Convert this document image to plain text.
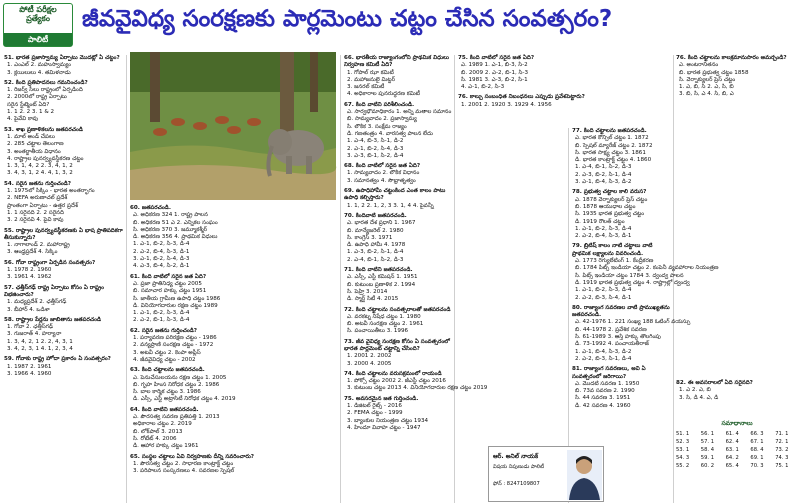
పోటీ పరీక్షల ప్రత్యేకం
పాలిటీ
జీవవైవిధ్య సంరక్షణకు పార్లమెంటు చట్టం చేసిన సంవత్సరం?
51. భారత ప్రజాస్వామ్య ఏర్పాటు మొదట్లో ఏ చట్టం?
1. ఎంఎల్ 2. మహుస్వామ్యం
3. క్లయిలులు 4. తమిళనాడు
52. కింది ప్రతిపాదనలు గమనించండి?
1. రిజర్వ్ సీలు రాష్ట్రంలో ఏర్పడింది
2. 2000లో రాష్ట్ర ఏర్పాటు
సరైన స్టేట్మెంట్ ఏది?
1. 1 2. 2 3. 1 & 2
4. పైవేవి కావు
53. శాఖ ప్రణాళికలను జతపరచండి
1. మాల్ అండ్ చేపలు
2. 285 చట్టాల తెలంగాణ
3. అంతర్జాతీయ విధానం
4. రాష్ట్రాల పునర్వ్యవస్థీకరణ చట్టం
1. 3, 1, 4, 2 2. 3, 4, 1, 2
3. 4, 3, 1, 2 4. 4, 1, 3, 2
54. సరైన జతను గుర్తించండి?
1. 1975లో సిక్కిం - భారత అంతర్భాగం
2. NEFA అరుణాచల్ ప్రదేశ్
ప్రాంతంగా ఏర్పాటు - ఉత్తర ప్రదేశ్
1. 1 సరైనది 2. 2 సరైనది
3. 2 సరైనవి 4. పైవి కావు
55. రాష్ట్రాల పునర్వ్యవస్థీకరణకు ఏ భాష ప్రాతిపదికగా తీసుకున్నారు?
1. నాగాలాండ్ 2. మహారాష్ట్ర
3. ఆంధ్రప్రదేశ్ 4. సిక్కిం
56. గోవా రాష్ట్రంగా ఏర్పడిన సంవత్సరం?
1. 1978 2. 1960
3. 1961 4. 1962
57. ఛత్తీస్‌గఢ్ రాష్ట్ర ఏర్పాటు కోసం ఏ రాష్ట్రం విభజించారు?
1. మధ్యప్రదేశ్ 2. ఛత్తీస్‌గఢ్
3. బీహార్ 4. ఒడిశా
58. రాష్ట్రాల పేర్లను జాబితాను జతపరచండి
1. గోవా 2. ఛత్తీస్‌గఢ్
3. గుజరాత్ 4. హర్యానా
1. 3, 4, 2, 1 2. 2, 4, 3, 1
3. 4, 2, 3, 1 4. 1, 2, 3, 4
59. గోవాకు రాష్ట్ర హోదా ప్రకారం ఏ సంవత్సరం?
1. 1987 2. 1961
3. 1966 4. 1960
60. జతపరచండి.
ఎ. అధికరణ 324 1. రాష్ట్ర పాలన
బి. అధికరణ 51 ఎ 2. ఎన్నికల సంఘం
సి. అధికరణ 370 3. జమ్మూకశ్మీర్
డి. అధికరణ 356 4. ప్రాథమిక విధులు
1. ఎ-1, బి-2, సి-3, డి-4
2. ఎ-2, బి-4, సి-3, డి-1
3. ఎ-1, బి-2, సి-4, డి-3
4. ఎ-3, బి-4, సి-2, డి-1
61. కింది వాటిలో సరైన జత ఏది?
ఎ. ప్రజా ప్రాతినిధ్య చట్టం 2005
బి. సమాచార హక్కు చట్టం 1951
సి. జాతీయ గ్రామీణ ఉపాధి చట్టం 1986
డి. వినియోగదారుల రక్షణ చట్టం 1989
1. ఎ-1, బి-2, సి-3, డి-4
2. ఎ-2, బి-1, సి-3, డి-4
62. సరైన జతను గుర్తించండి?
1. పర్యావరణ పరిరక్షణ చట్టం - 1986
2. వన్యప్రాణి సంరక్షణ చట్టం - 1972
3. అటవీ చట్టం 2. కెంపా అప్లీస్
4. జీవవైవిధ్య చట్టం - 2002
63. కింది చట్టాలను జతపరచండి.
ఎ. పెనుచేసులయను రక్షణ చట్టం 1. 2005
బి. గృహ హింస నిరోధక చట్టం 2. 1986
సి. బాల కార్మిక చట్టం 3. 1986
డి. ఎస్సీ, ఎస్టీ అట్రాసిటీ నిరోధక చట్టం 4. 2019
64. కింది వాటిని జతపరచండి.
ఎ. పౌరసత్వ సవరణ ప్రతిపత్తి 1. 2013
అధికారాల చట్టం 2. 2019
బి. లోక్‌పాల్ 3. 2013
సి. రోటేట్ 4. 2006
డి. ఆహార హక్కు చట్టం 1961
65. సంస్థల చట్టాలు ఏవి నిర్వహణకు దీన్ని సవరించారు?
1. పౌరసత్వ చట్టం 2. సాధారణ కాంట్రాక్ట్ చట్టం
3. పరిపాలన సంస్కరణలు 4. సవరణల స్పెషల్
66. భారతీయ రాజ్యాంగంలోని ప్రాథమిక విధులు నిర్వహణ కమిటీ ఏది?
1. గోపాల్ ఝా కమిటీ
2. మహాజనులై మిట్టర్
3. జనరల్ కమిటీ
4. అధికారాల పునరుద్ధరణ కమిటీ
67. కింది వాటిని పరిశీలించండి.
ఎ. సార్వభౌమాధికారం 1. అన్ని మతాల సమానం
బి. సామ్యవాదం 2. ప్రజాస్వామ్య
సి. లౌకిక 3. సంక్షేమ రాజ్యం
డి. గణతంత్రం 4. వారసత్వ పాలన లేదు
1. ఎ-4, బి-3, సి-1, డి-2
2. ఎ-1, బి-2, సి-4, డి-3
3. ఎ-3, బి-1, సి-2, డి-4
68. కింది వాటిలో సరైన జత ఏది?
1. సామ్యవాదం 2. లౌకిక విధానం
3. సమానత్వం 4. సౌభ్రాతృత్వం
69. ఉపాధిహామీ చట్టంకింద ఎంత కాలం పాటు ఉపాధి కల్పిస్తారు?
1. 1, 2 2. 1, 2, 3 3. 1, 4 4. పైవన్నీ
70. కిందివాటి జతపరచండి.
ఎ. భారత దేశ ప్రధాని 1. 1967
బి. మాన్యేజరెల్ 2. 1980
సి. కాంగ్రెస్ 3. 1971
డి. ఉపాధి హామీ 4. 1978
1. ఎ-3, బి-2, సి-1, డి-4
2. ఎ-4, బి-1, సి-2, డి-3
71. కింది వాటిని జతపరచండి.
ఎ. ఎస్సీ, ఎస్టీ కమిషన్ 1. 1951
బి. కుటుంబ ప్రణాళిక 2. 1994
సి. పెహ్రి 3. 2014
డి. స్మార్ట్ సిటీ 4. 2015
72. కింది చట్టాలను సంవత్సరాలతో జతపరచండి
ఎ. వరకట్న నిషేధ చట్టం 1. 1980
బి. అటవీ సంరక్షణ చట్టం 2. 1961
సి. పంచాయితీలు 3. 1996
73. జీవ వైవిధ్య సంరక్షణ కోసం ఏ సంవత్సరంలో భారత పార్లమెంట్ చట్టాన్ని చేసింది?
1. 2001 2. 2002
3. 2000 4. 2005
74. కింది చట్టాలను వరుసక్రమంలో రాయండి
1. పోక్సో చట్టం 2002 2. జీఎస్టీ చట్టం 2016
3. కుటుంబ చట్టం 2013 4. వినియోగదారుల రక్షణ చట్టం 2019
75. అవసరమైన జత గుర్తించండి.
1. డిజిటల్ రైట్స్ - 2016
2. FEMA చట్టం - 1999
3. బ్యాంకుల నియంత్రణ చట్టం 1934
4. హిందూ వివాహ చట్టం - 1947
75. కింది వాటిలో సరైన జత ఏది?
ఎ. 1989 1. ఎ-1, బి-3, సి-2
బి. 2009 2. ఎ-2, బి-1, సి-3
సి. 1981 3. ఎ-3, బి-2, సి-1
4. ఎ-1, బి-2, సి-3
76. కాల్చు సంబంధిత నిబంధనలు ఎప్పుడు ప్రవేశపెట్టారు?
1. 2001 2. 1920 3. 1929 4. 1956
77. కింది చట్టాలను జతపరచండి.
ఎ. భారత కౌన్సిల్ చట్టం 1. 1872
బి. స్పెషల్ మ్యారేజ్ చట్టం 2. 1872
సి. భారత సాక్ష్య చట్టం 3. 1861
డి. భారత కాంట్రాక్ట్ చట్టం 4. 1860
1. ఎ-4, బి-1, సి-2, డి-3
2. ఎ-3, బి-2, సి-1, డి-4
3. ఎ-1, బి-4, సి-3, డి-2
78. ప్రభుత్వ చట్టాల కాలి వరుస?
ఎ. 1878 వెర్నాక్యులర్ ప్రెస్ చట్టం
బి. 1878 ఆయుధాల చట్టం
సి. 1935 భారత ప్రభుత్వ చట్టం
డి. 1919 రౌలత్ చట్టం
1. ఎ-1, బి-2, సి-3, డి-4
2. ఎ-2, బి-4, సి-3, డి-1
79. బ్రిటిష్ కాలం నాటి చట్టాలు వాటి ప్రాథమిక లక్ష్యాలను వివరించండి.
ఎ. 1773 రెగ్యులేటింగ్ 1. కేంద్రీకరణ
బి. 1784 పిట్స్ ఇండియా చట్టం 2. కంపెనీ వ్యవహారాల నియంత్రణ
సి. పిట్స్ ఇండియా చట్టం 1784 3. ద్వంద్వ పాలన
డి. 1919 భారత ప్రభుత్వ చట్టం 4. రాష్ట్రాల్లో ద్వంద్వ
1. ఎ-1, బి-2, సి-3, డి-4
2. ఎ-2, బి-3, సి-4, డి-1
80. రాజ్యాంగ సవరణల వాటి ప్రాముఖ్యతను జతపరచండి.
ఎ. 42-1976 1. 221 సంఖ్య 188 ఓటింగ్ వయస్సు
బి. 44-1978 2. ప్రవేశిక సవరణ
సి. 61-1989 3. ఆస్తి హక్కు తొలగింపు
డి. 73-1992 4. పంచాయతీరాజ్
1. ఎ-1, బి-4, సి-3, డి-2
2. ఎ-2, బి-3, సి-1, డి-4
81. రాజ్యాంగ సవరణలు, అవి ఏ సంవత్సరంలో జరిగాయి?
ఎ. మొదటి సవరణ 1. 1950
బి. 73వ సవరణ 2. 1990
సి. 44 సవరణ 3. 1951
డి. 42 సవరణ 4. 1960
76. కింది చట్టాలను కాలక్రమానుసారం అమర్చండి?
ఎ. అంటరానితనం
బి. భారత ప్రభుత్వ చట్టం 1858
సి. వెర్నాక్యులర్ ప్రెస్ చట్టం
1. ఎ, బి, సి 2. ఎ, సి, బి
3. బి, సి, ఎ 4. సి, బి, ఎ
82. ఈ అవసరాలలో ఏది సరైనది?
1. ఎ 2. ఎ, బి
3. సి, డి 4. ఎ, డి
ఆర్. అనిల్ నాయక్
విషయ నిపుణుడు పాలిటీ
ఫోన్ : 8247109807
సమాధానాలు
51. 1	56. 1	61. 4	66. 3	71. 1
52. 3	57. 1	62. 4	67. 1	72. 1
53. 1	58. 4	63. 1	68. 4	73. 2
54. 3	59. 1	64. 2	69. 1	74. 3
55. 2	60. 2	65. 4	70. 3	75. 1
